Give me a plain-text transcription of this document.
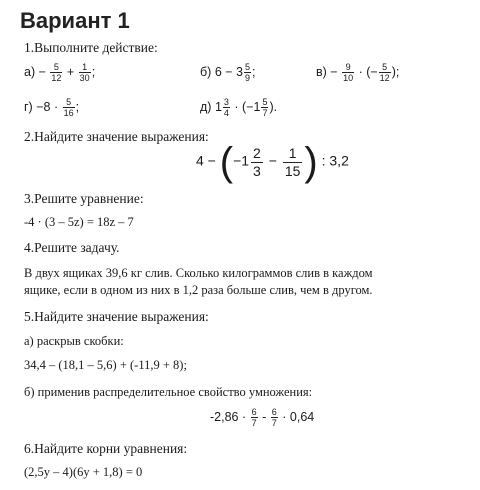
Вариант 1
1.Выполните действие:
$а) - \frac{5}{12} + \frac{1}{30}$ ;	б) $6 - 3 \frac{5}{9}$ ;	$в) - \frac{9}{10}$ · (− $\frac{5}{12}$ );
$г) -8 \cdot \frac{5}{16}$ ;	д) $1 \frac{3}{4} \cdot (-1 \frac{5}{7}$ ).
2.Найдите значение выражения:
$4 - (-1 \frac{2}{3} - \frac{1}{15}$ ) : 3,2
3.Решите уравнение:
-4 · (3 – 5z) = 18z – 7
4.Решите задачу.
В двух ящиках 39,6 кг слив. Сколько килограммов слив в каждом
ящике, если в одном из них в 1,2 раза больше слив, чем в другом.
5.Найдите значение выражения:
а) раскрыв скобки:
34,4 – (18,1 – 5,6) + (-11,9 + 8);
б) применив распределительное свойство умножения:
$-2,86 \cdot \frac{6}{7} - \frac{6}{7} \cdot 0,64$
6.Найдите корни уравнения:
(2,5y – 4)(6y + 1,8) = 0
